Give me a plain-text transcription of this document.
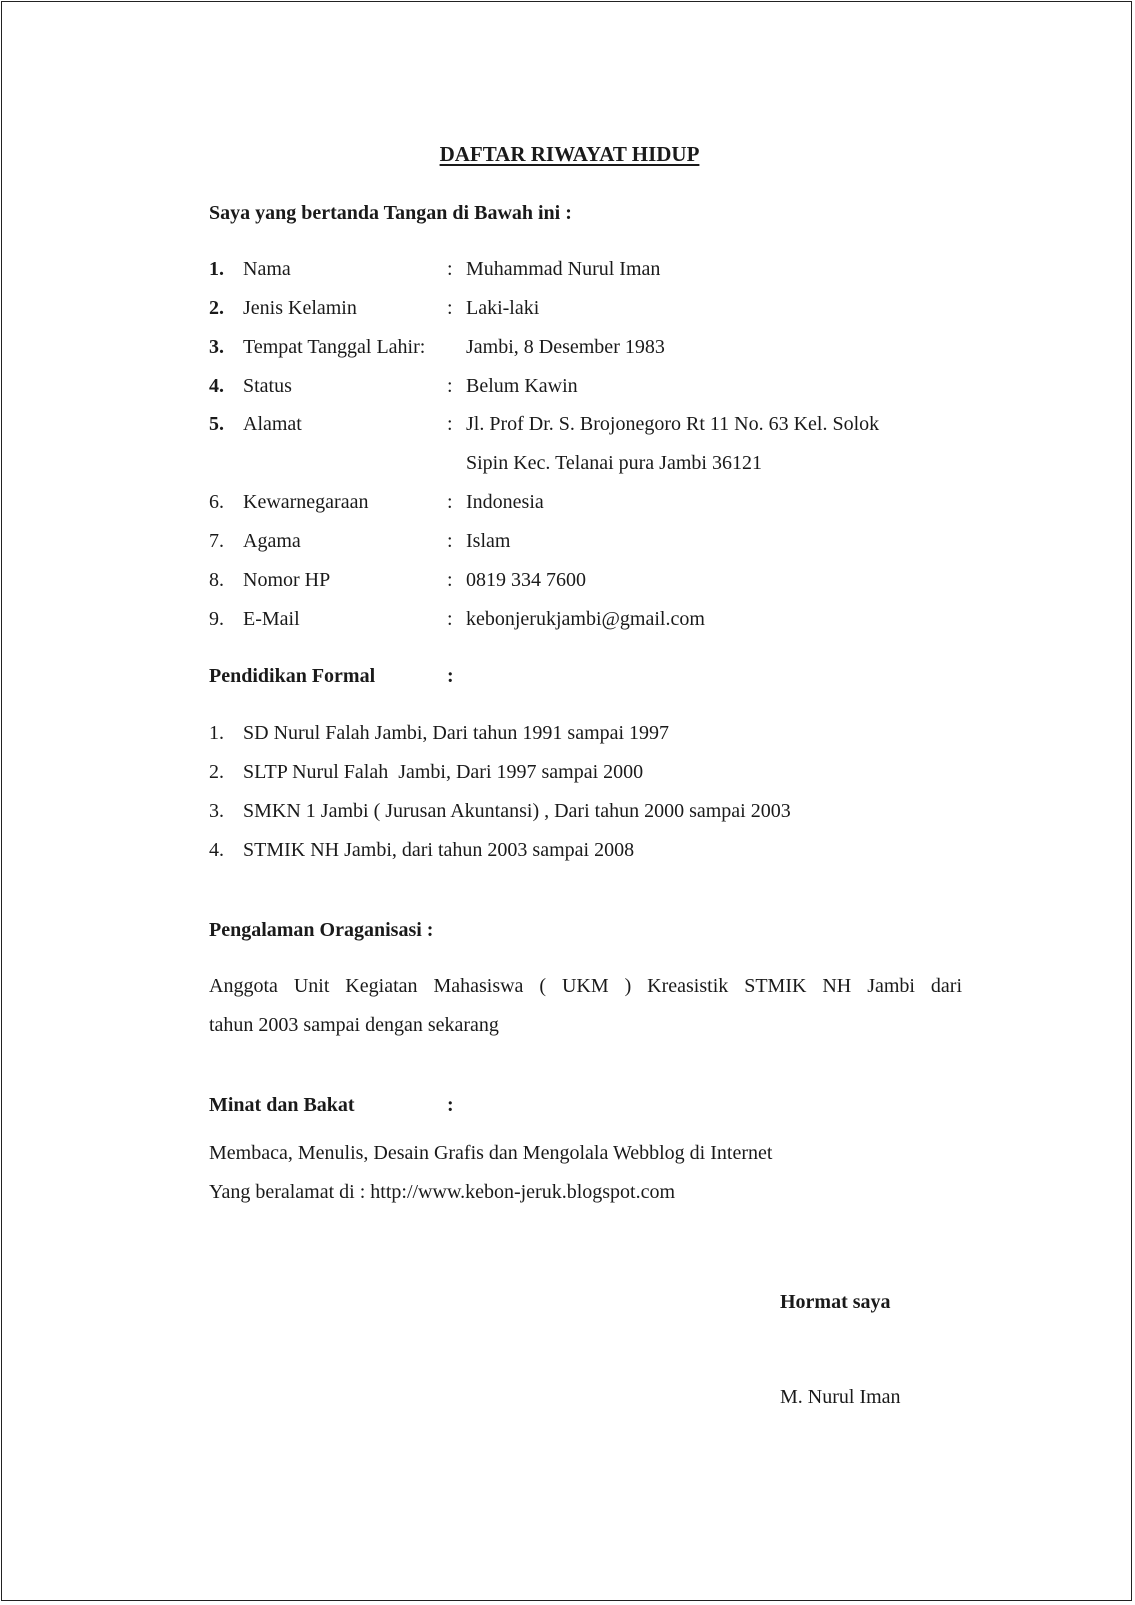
DAFTAR RIWAYAT HIDUP
Saya yang bertanda Tangan di Bawah ini :
1. Nama	: Muhammad Nurul Iman
2. Jenis Kelamin	: Laki-laki
3. Tempat Tanggal Lahir: Jambi, 8 Desember 1983
4. Status	: Belum Kawin
5. Alamat	: Jl. Prof Dr. S. Brojonegoro Rt 11 No. 63 Kel. Solok
Sipin Kec. Telanai pura Jambi 36121
6. Kewarnegaraan	: Indonesia
7. Agama	: Islam
8. Nomor HP	: 0819 334 7600
9. E-Mail	: kebonjerukjambi@gmail.com
Pendidikan Formal	:
1. SD Nurul Falah Jambi, Dari tahun 1991 sampai 1997
2. SLTP Nurul Falah  Jambi, Dari 1997 sampai 2000
3. SMKN 1 Jambi ( Jurusan Akuntansi) , Dari tahun 2000 sampai 2003
4. STMIK NH Jambi, dari tahun 2003 sampai 2008
Pengalaman Oraganisasi :
Anggota Unit Kegiatan Mahasiswa ( UKM ) Kreasistik STMIK NH Jambi dari
tahun 2003 sampai dengan sekarang
Minat dan Bakat	:
Membaca, Menulis, Desain Grafis dan Mengolala Webblog di Internet
Yang beralamat di : http://www.kebon-jeruk.blogspot.com
Hormat saya
M. Nurul Iman
